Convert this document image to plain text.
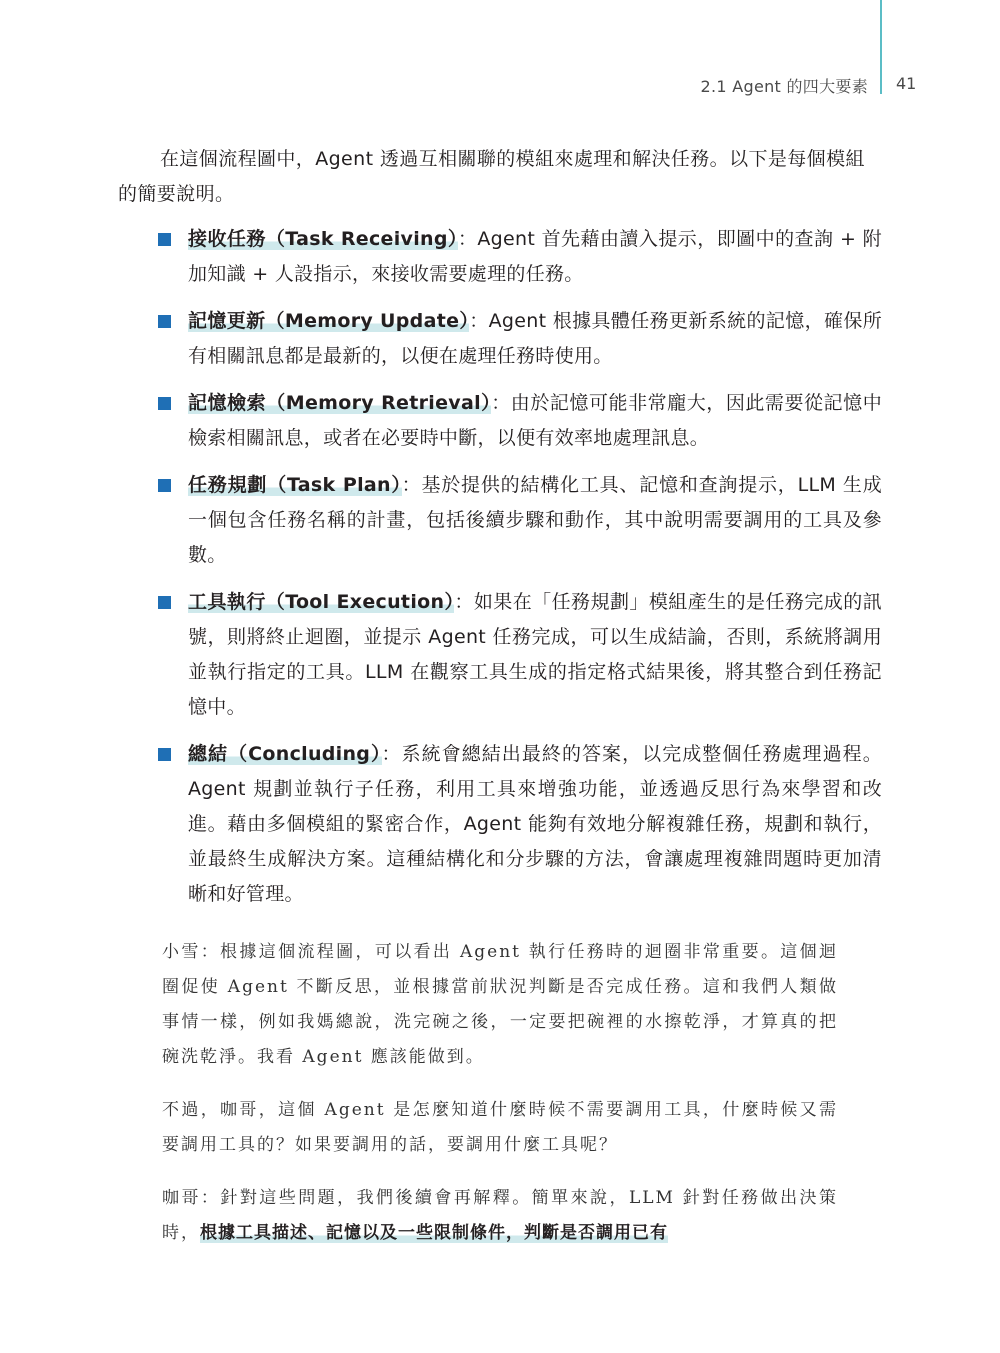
2.1 Agent 的四大要素 41

在這個流程圖中，Agent 透過互相關聯的模組來處理和解決任務。以下是每個模組的簡要說明。

接收任務（Task Receiving）：Agent 首先藉由讀入提示，即圖中的查詢 + 附加知識 + 人設指示，來接收需要處理的任務。
記憶更新（Memory Update）：Agent 根據具體任務更新系統的記憶，確保所有相關訊息都是最新的，以便在處理任務時使用。
記憶檢索（Memory Retrieval）：由於記憶可能非常龐大，因此需要從記憶中檢索相關訊息，或者在必要時中斷，以便有效率地處理訊息。
任務規劃（Task Plan）：基於提供的結構化工具、記憶和查詢提示，LLM 生成一個包含任務名稱的計畫，包括後續步驟和動作，其中說明需要調用的工具及參數。
工具執行（Tool Execution）：如果在「任務規劃」模組產生的是任務完成的訊號，則將終止迴圈，並提示 Agent 任務完成，可以生成結論，否則，系統將調用並執行指定的工具。LLM 在觀察工具生成的指定格式結果後，將其整合到任務記憶中。
總結（Concluding）：系統會總結出最終的答案，以完成整個任務處理過程。Agent 規劃並執行子任務，利用工具來增強功能，並透過反思行為來學習和改進。藉由多個模組的緊密合作，Agent 能夠有效地分解複雜任務，規劃和執行，並最終生成解決方案。這種結構化和分步驟的方法，會讓處理複雜問題時更加清晰和好管理。

小雪：根據這個流程圖，可以看出 Agent 執行任務時的迴圈非常重要。這個迴圈促使 Agent 不斷反思，並根據當前狀況判斷是否完成任務。這和我們人類做事情一樣，例如我媽總說，洗完碗之後，一定要把碗裡的水擦乾淨，才算真的把碗洗乾淨。我看 Agent 應該能做到。

不過，咖哥，這個 Agent 是怎麼知道什麼時候不需要調用工具，什麼時候又需要調用工具的？如果要調用的話，要調用什麼工具呢？

咖哥：針對這些問題，我們後續會再解釋。簡單來說，LLM 針對任務做出決策時，根據工具描述、記憶以及一些限制條件，判斷是否調用已有
